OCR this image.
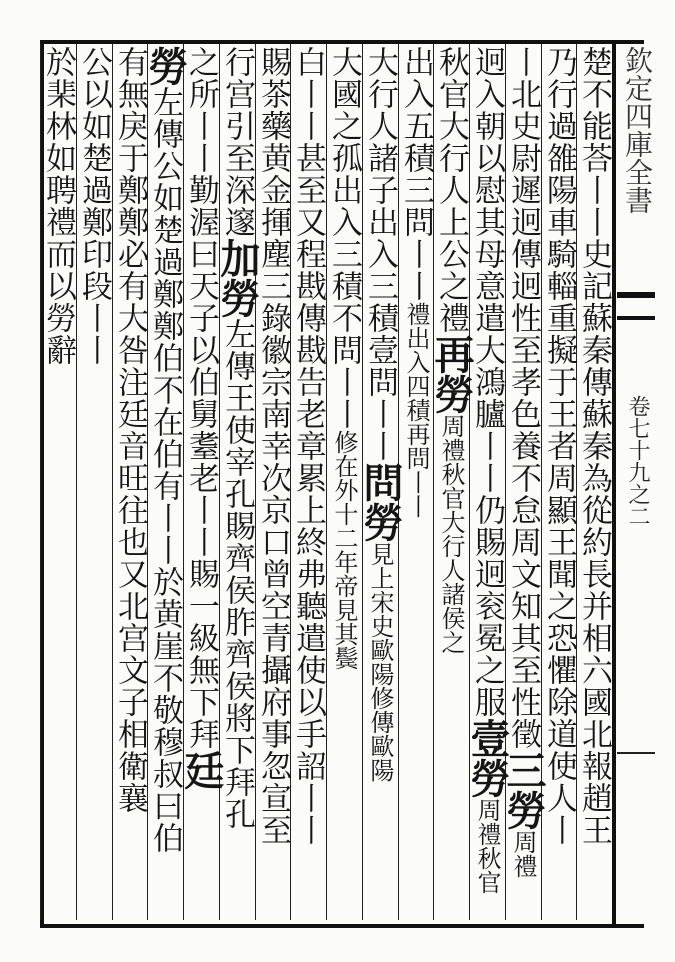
欽定四庫全書
卷七十九之二
楚不能荅丨丨史記蘇秦傳蘇秦為從約長并相六國北報趙王
乃行過雒陽車騎輜重擬于王者周顯王聞之恐懼除道使人丨
丨北史尉遲迥傳迥性至孝色養不怠周文知其至性徵三勞周禮
迥入朝以慰其母意遣大鴻臚丨丨仍賜迥衮冕之服壹勞周禮秋官
秋官大行人上公之禮再勞周禮秋官大行人諸侯之
出入五積三問丨丨禮出入四積再問丨丨
大行人諸子出入三積壹問丨丨問勞見上宋史歐陽修傳歐陽
大國之孤出入三積不問丨丨修在外十二年帝見其鬓
白丨丨甚至又程戡傳戡告老章累上終弗聽遣使以手詔丨丨
賜茶藥黄金揮塵三錄徽宗南幸次京口曾空青攝府事忽宣至
行宫引至深邃加勞左傳王使宰孔賜齊侯胙齊侯將下拜孔
之所丨丨勤渥曰天子以伯舅耋老丨丨賜一級無下拜廷
勞左傳公如楚過鄭鄭伯不在伯有丨丨於黄崖不敬穆叔曰伯
有無戾于鄭鄭必有大咎注廷音旺往也又北宫文子相衛襄
公以如楚過鄭印段丨丨
於棐林如聘禮而以勞辭
